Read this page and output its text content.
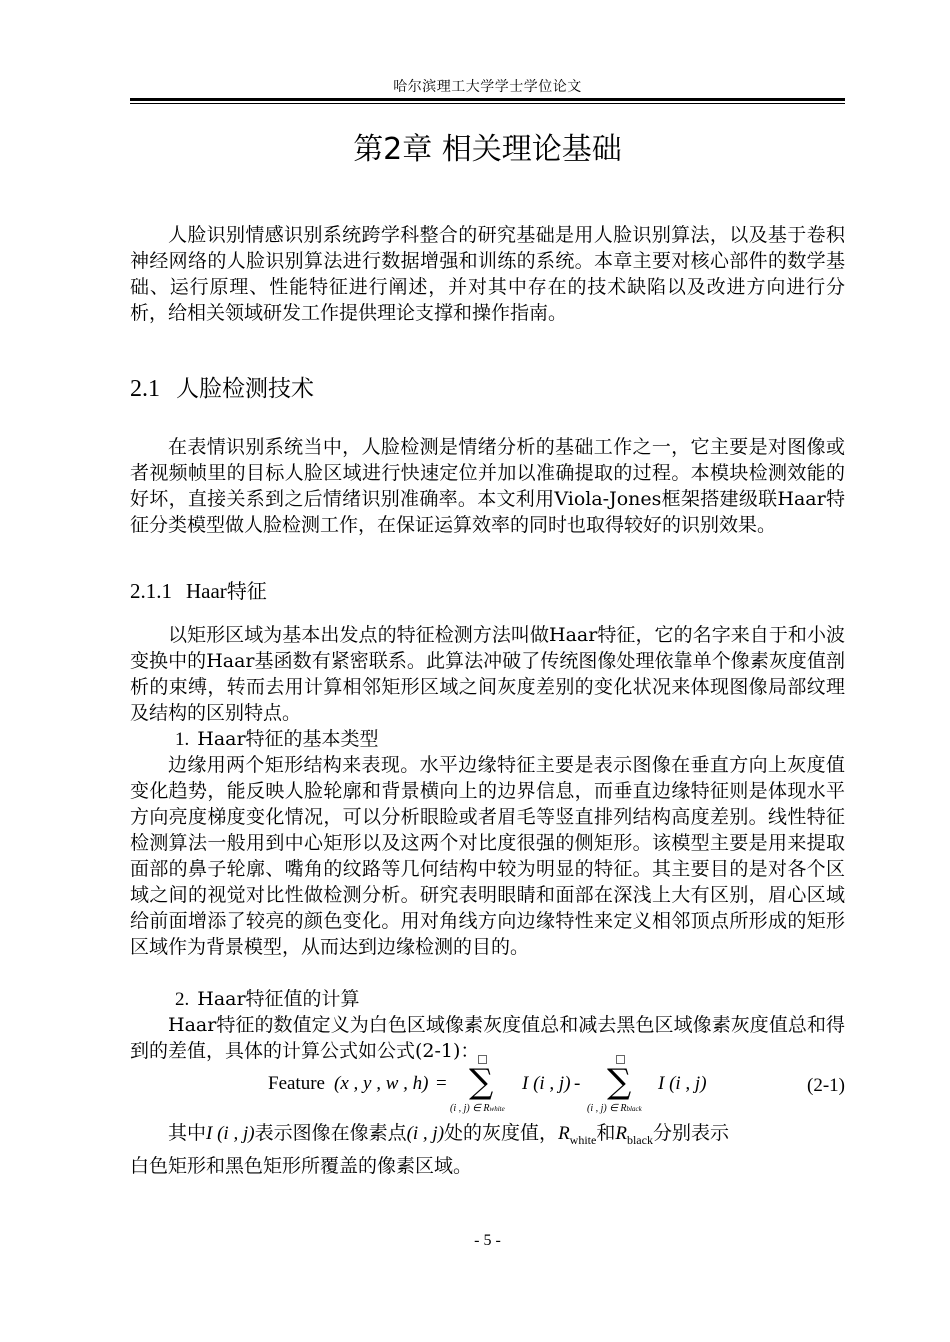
哈尔滨理工大学学士学位论文
第2章 相关理论基础

人脸识别情感识别系统跨学科整合的研究基础是用人脸识别算法，以及基于卷积神经网络的人脸识别算法进行数据增强和训练的系统。本章主要对核心部件的数学基础、运行原理、性能特征进行阐述，并对其中存在的技术缺陷以及改进方向进行分析，给相关领域研发工作提供理论支撑和操作指南。

2.1 人脸检测技术

在表情识别系统当中，人脸检测是情绪分析的基础工作之一，它主要是对图像或者视频帧里的目标人脸区域进行快速定位并加以准确提取的过程。本模块检测效能的好坏，直接关系到之后情绪识别准确率。本文利用Viola-Jones框架搭建级联Haar特征分类模型做人脸检测工作，在保证运算效率的同时也取得较好的识别效果。

2.1.1 Haar特征

以矩形区域为基本出发点的特征检测方法叫做Haar特征，它的名字来自于和小波变换中的Haar基函数有紧密联系。此算法冲破了传统图像处理依靠单个像素灰度值剖析的束缚，转而去用计算相邻矩形区域之间灰度差别的变化状况来体现图像局部纹理及结构的区别特点。

1. Haar特征的基本类型

边缘用两个矩形结构来表现。水平边缘特征主要是表示图像在垂直方向上灰度值变化趋势，能反映人脸轮廓和背景横向上的边界信息，而垂直边缘特征则是体现水平方向亮度梯度变化情况，可以分析眼睑或者眉毛等竖直排列结构高度差别。线性特征检测算法一般用到中心矩形以及这两个对比度很强的侧矩形。该模型主要是用来提取面部的鼻子轮廓、嘴角的纹路等几何结构中较为明显的特征。其主要目的是对各个区域之间的视觉对比性做检测分析。研究表明眼睛和面部在深浅上大有区别，眉心区域给前面增添了较亮的颜色变化。用对角线方向边缘特性来定义相邻顶点所形成的矩形区域作为背景模型，从而达到边缘检测的目的。

2. Haar特征值的计算

Haar特征的数值定义为白色区域像素灰度值总和减去黑色区域像素灰度值总和得到的差值，具体的计算公式如公式(2-1)：

Feature (x , y , w , h) = ∑
(i , j) ∈ Rwhite
I (i , j) - ∑
(i , j) ∈ Rblack
I (i , j)	(2-1)

其中I (i , j)表示图像在像素点(i , j)处的灰度值，$R_{white}$和$R_{black}$分别表示
白色矩形和黑色矩形所覆盖的像素区域。

- 5 -
